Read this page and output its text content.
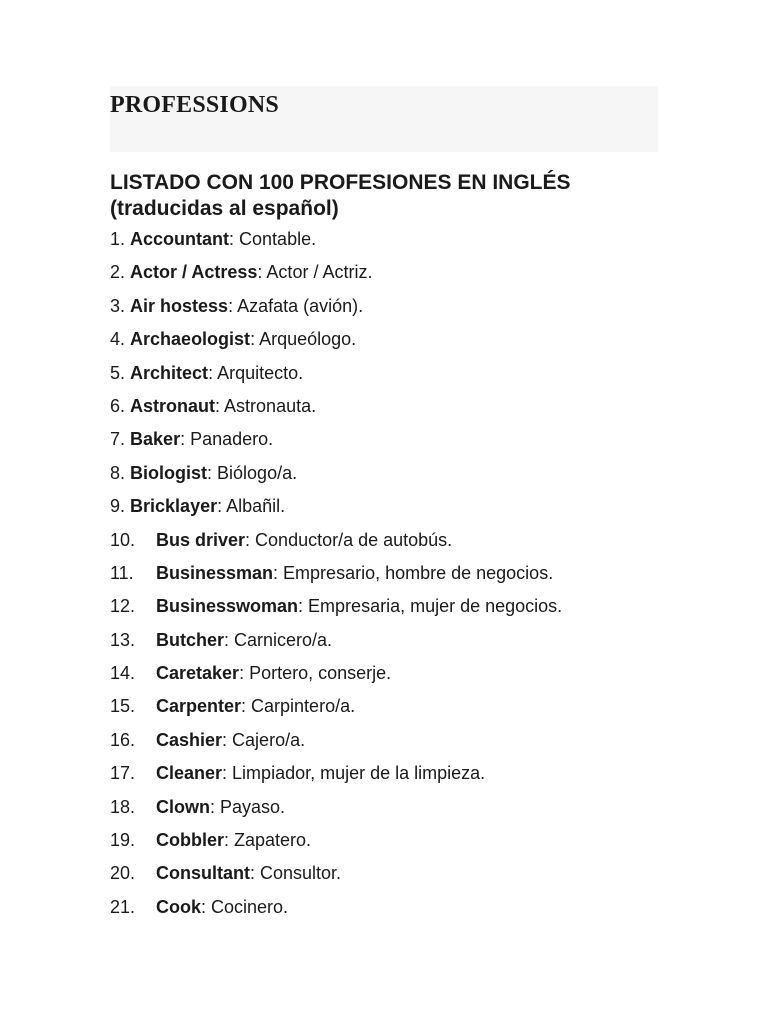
PROFESSIONS
LISTADO CON 100 PROFESIONES EN INGLÉS
(traducidas al español)
1. Accountant: Contable.
2. Actor / Actress: Actor / Actriz.
3. Air hostess: Azafata (avión).
4. Archaeologist: Arqueólogo.
5. Architect: Arquitecto.
6. Astronaut: Astronauta.
7. Baker: Panadero.
8. Biologist: Biólogo/a.
9. Bricklayer: Albañil.
10. Bus driver: Conductor/a de autobús.
11. Businessman: Empresario, hombre de negocios.
12. Businesswoman: Empresaria, mujer de negocios.
13. Butcher: Carnicero/a.
14. Caretaker: Portero, conserje.
15. Carpenter: Carpintero/a.
16. Cashier: Cajero/a.
17. Cleaner: Limpiador, mujer de la limpieza.
18. Clown: Payaso.
19. Cobbler: Zapatero.
20. Consultant: Consultor.
21. Cook: Cocinero.
